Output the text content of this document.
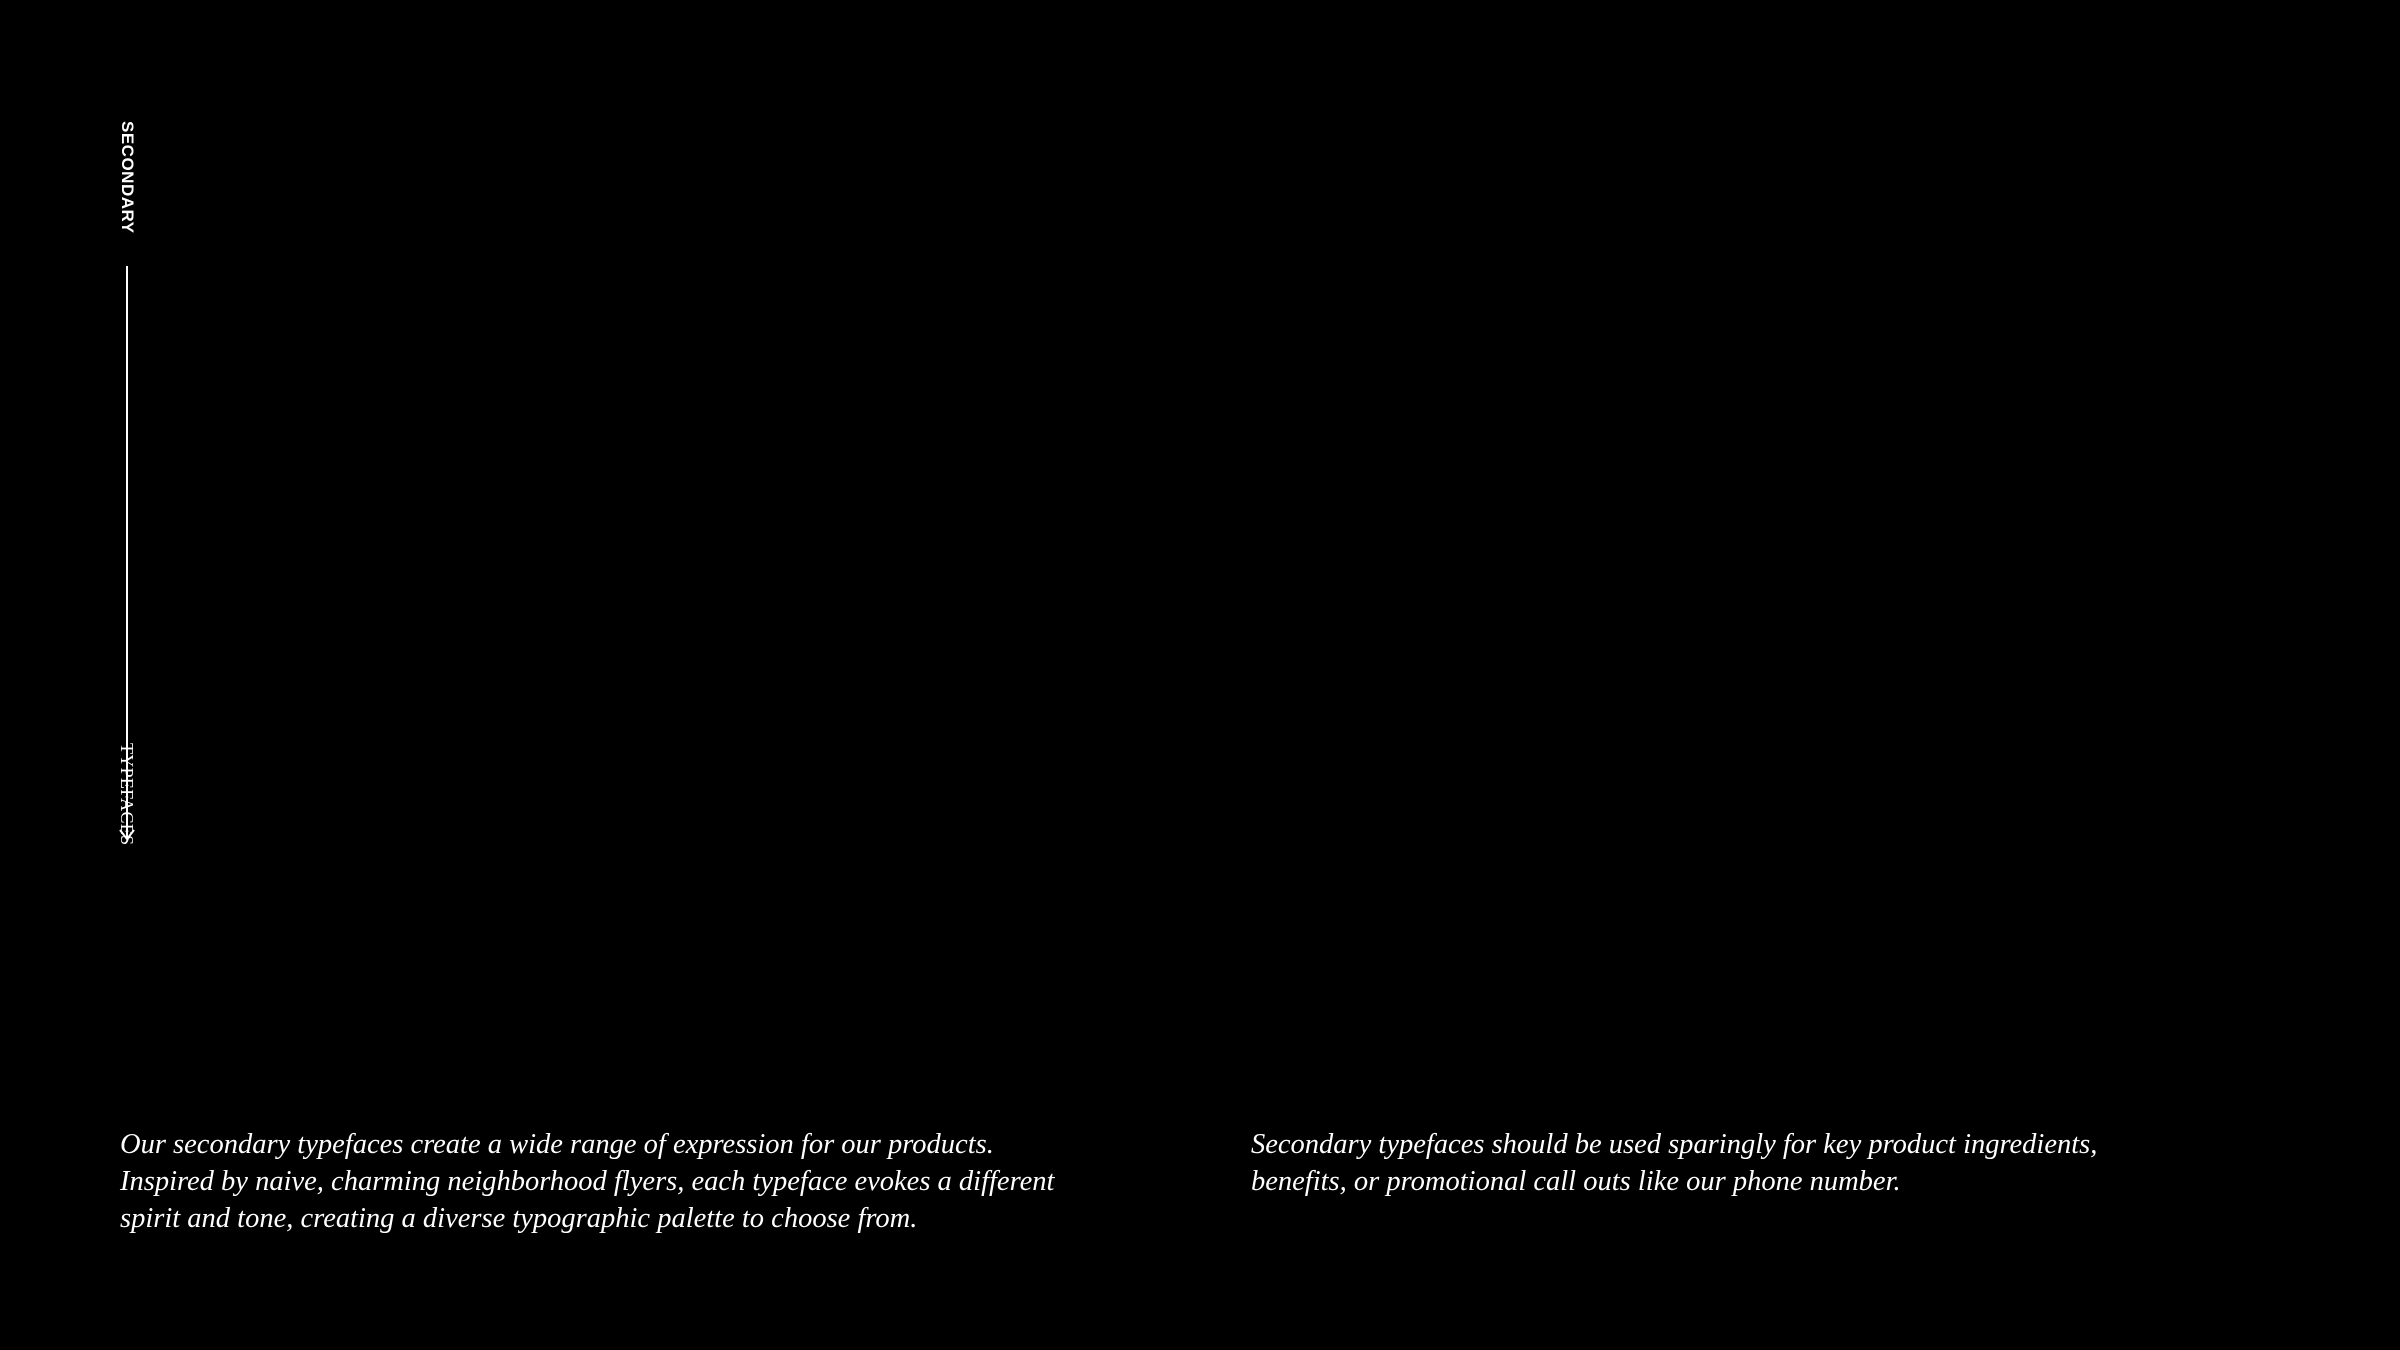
SECONDARY
TYPEFACES

Our secondary typefaces create a wide range of expression for our products.
Inspired by naive, charming neighborhood flyers, each typeface evokes a different
spirit and tone, creating a diverse typographic palette to choose from.

Secondary typefaces should be used sparingly for key product ingredients,
benefits, or promotional call outs like our phone number.
